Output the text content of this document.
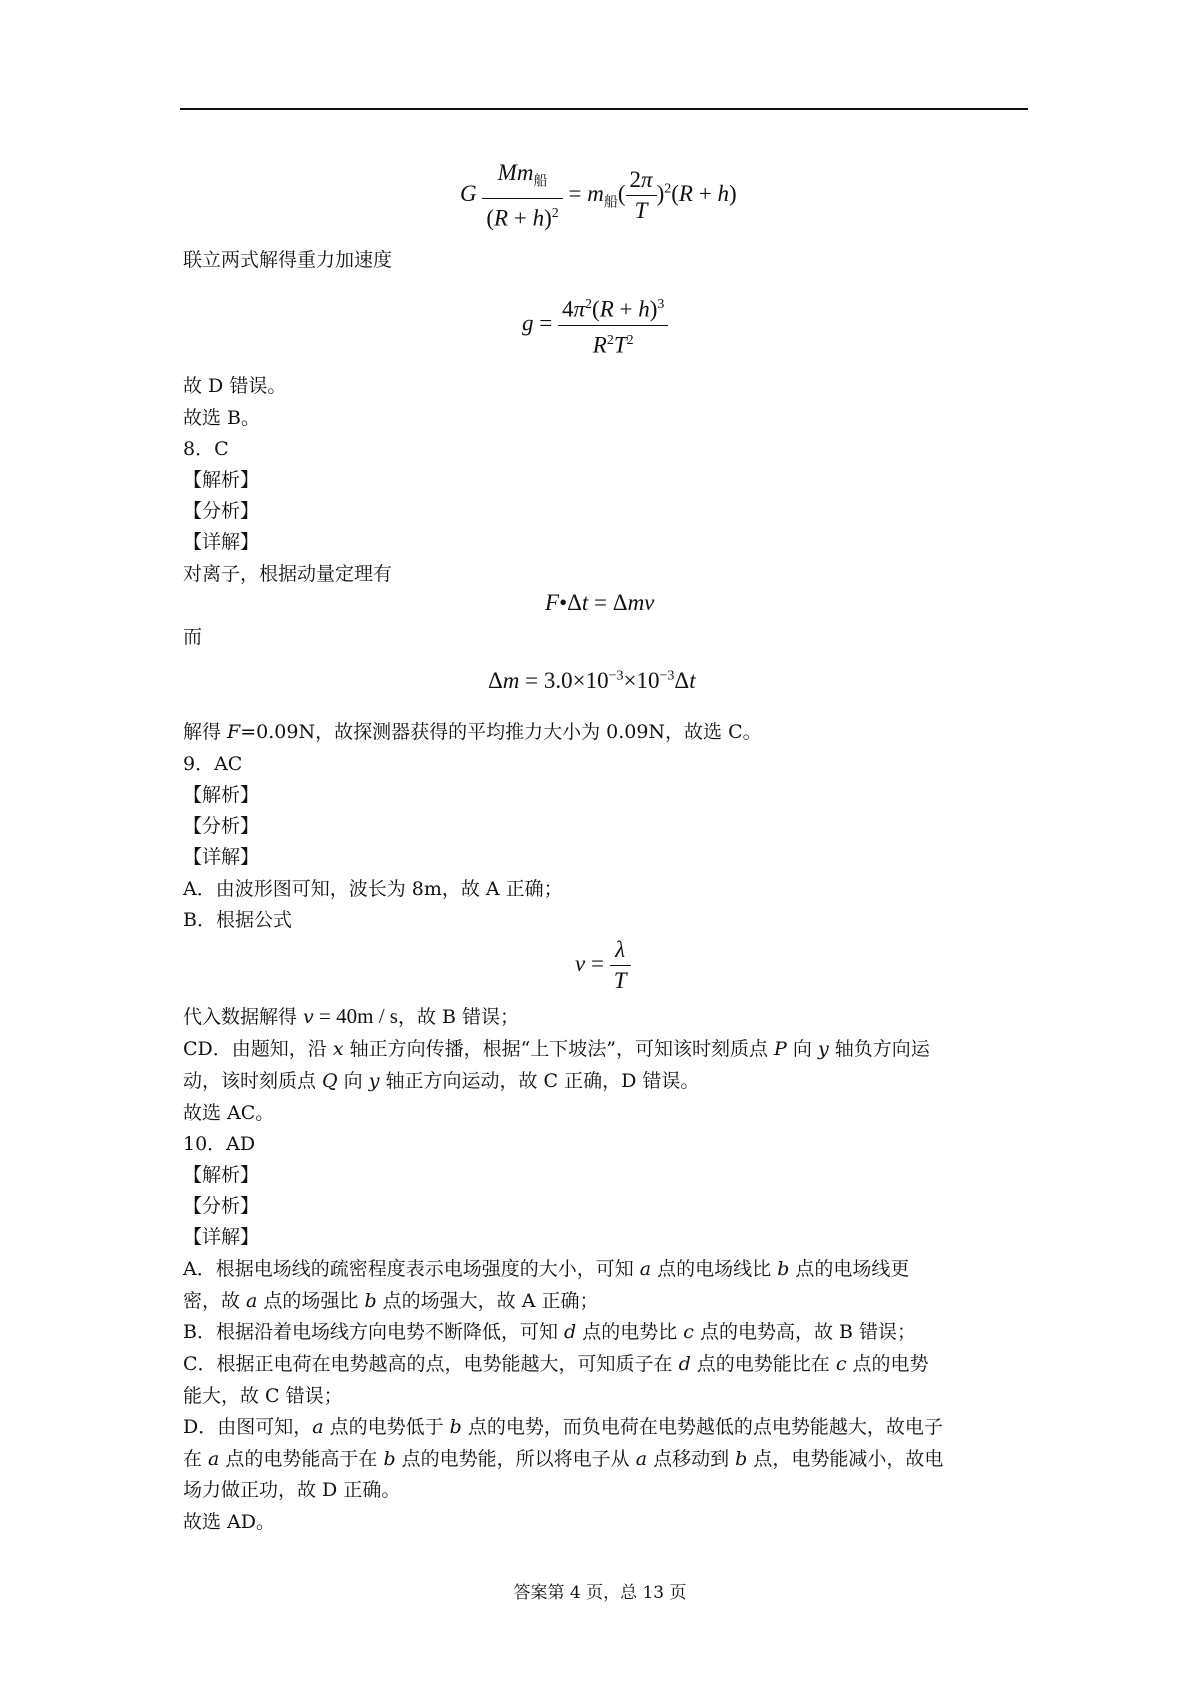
G $\frac{Mm_船}{(R + h)^2} = m_船( \frac{2\pi}{T} )^2(R + h)$
联立两式解得重力加速度
$g = \frac{4\pi^2(R + h)^3}{R^2T^2}$
故 D 错误。
故选 B。
8．C
【解析】
【分析】
【详解】
对离子，根据动量定理有
F•Δt = Δmv
而
$\Delta m = 3.0\times 10^{-3}\times 10^{-3}\Delta t$
解得 F=0.09N，故探测器获得的平均推力大小为 0.09N，故选 C。
9．AC
【解析】
【分析】
【详解】
A．由波形图可知，波长为 8m，故 A 正确；
B．根据公式
$v = \frac{\lambda}{T}$
代入数据解得 v = 40m / s，故 B 错误；
CD．由题知，沿 x 轴正方向传播，根据“上下坡法”，可知该时刻质点 P 向 y 轴负方向运
动，该时刻质点 Q 向 y 轴正方向运动，故 C 正确，D 错误。
故选 AC。
10．AD
【解析】
【分析】
【详解】
A．根据电场线的疏密程度表示电场强度的大小，可知 a 点的电场线比 b 点的电场线更
密，故 a 点的场强比 b 点的场强大，故 A 正确；
B．根据沿着电场线方向电势不断降低，可知 d 点的电势比 c 点的电势高，故 B 错误；
C．根据正电荷在电势越高的点，电势能越大，可知质子在 d 点的电势能比在 c 点的电势
能大，故 C 错误；
D．由图可知，a 点的电势低于 b 点的电势，而负电荷在电势越低的点电势能越大，故电子
在 a 点的电势能高于在 b 点的电势能，所以将电子从 a 点移动到 b 点，电势能减小，故电
场力做正功，故 D 正确。
故选 AD。
答案第 4 页，总 13 页
